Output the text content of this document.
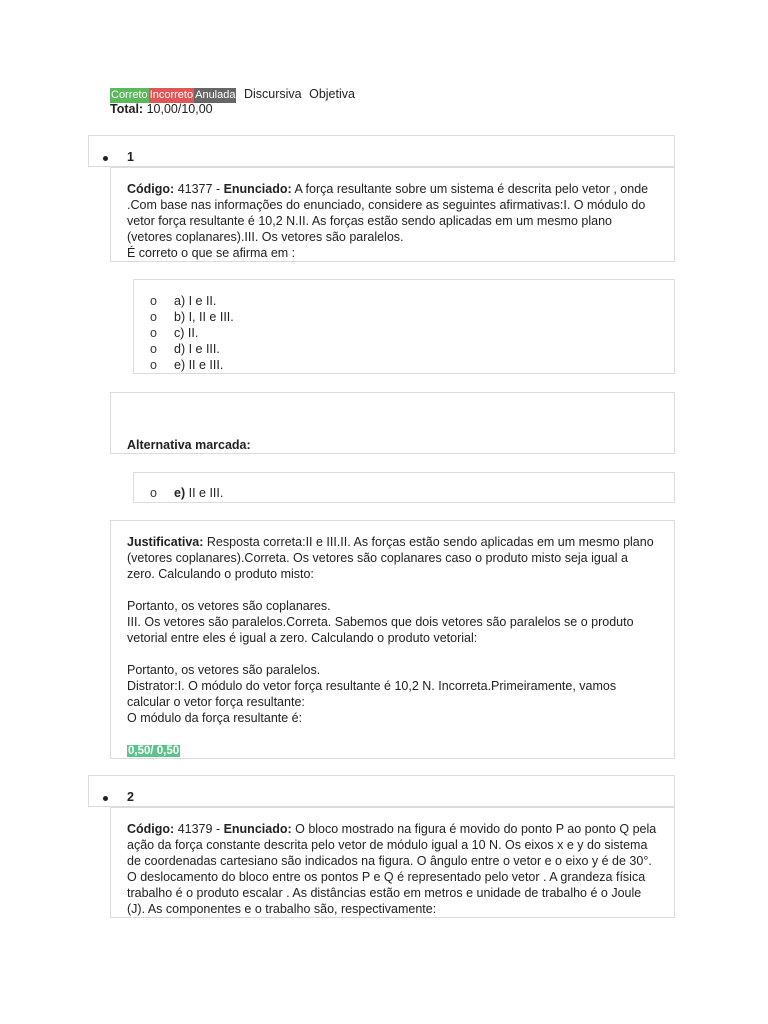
Correto Incorreto Anulada Discursiva Objetiva
Total: 10,00/10,00
1
Código: 41377 - Enunciado: A força resultante sobre um sistema é descrita pelo vetor , onde
.Com base nas informações do enunciado, considere as seguintes afirmativas:I. O módulo do
vetor força resultante é 10,2 N.II. As forças estão sendo aplicadas em um mesmo plano
(vetores coplanares).III. Os vetores são paralelos.
É correto o que se afirma em :
o	a) I e II.
o	b) I, II e III.
o	c) II.
o	d) I e III.
o	e) II e III.
Alternativa marcada:
o	e)
II e III.
Justificativa: Resposta correta:II e III.II. As forças estão sendo aplicadas em um mesmo plano
(vetores coplanares).Correta. Os vetores são coplanares caso o produto misto seja igual a
zero. Calculando o produto misto:
Portanto, os vetores são coplanares.
III. Os vetores são paralelos.Correta. Sabemos que dois vetores são paralelos se o produto
vetorial entre eles é igual a zero. Calculando o produto vetorial:
Portanto, os vetores são paralelos.
Distrator:I. O módulo do vetor força resultante é 10,2 N. Incorreta.Primeiramente, vamos
calcular o vetor força resultante:
O módulo da força resultante é:
0,50/ 0,50
2
Código: 41379 - Enunciado: O bloco mostrado na figura é movido do ponto P ao ponto Q pela
ação da força constante descrita pelo vetor de módulo igual a 10 N. Os eixos x e y do sistema
de coordenadas cartesiano são indicados na figura. O ângulo entre o vetor e o eixo y é de 30°.
O deslocamento do bloco entre os pontos P e Q é representado pelo vetor . A grandeza física
trabalho é o produto escalar . As distâncias estão em metros e unidade de trabalho é o Joule
(J). As componentes e o trabalho são, respectivamente:
